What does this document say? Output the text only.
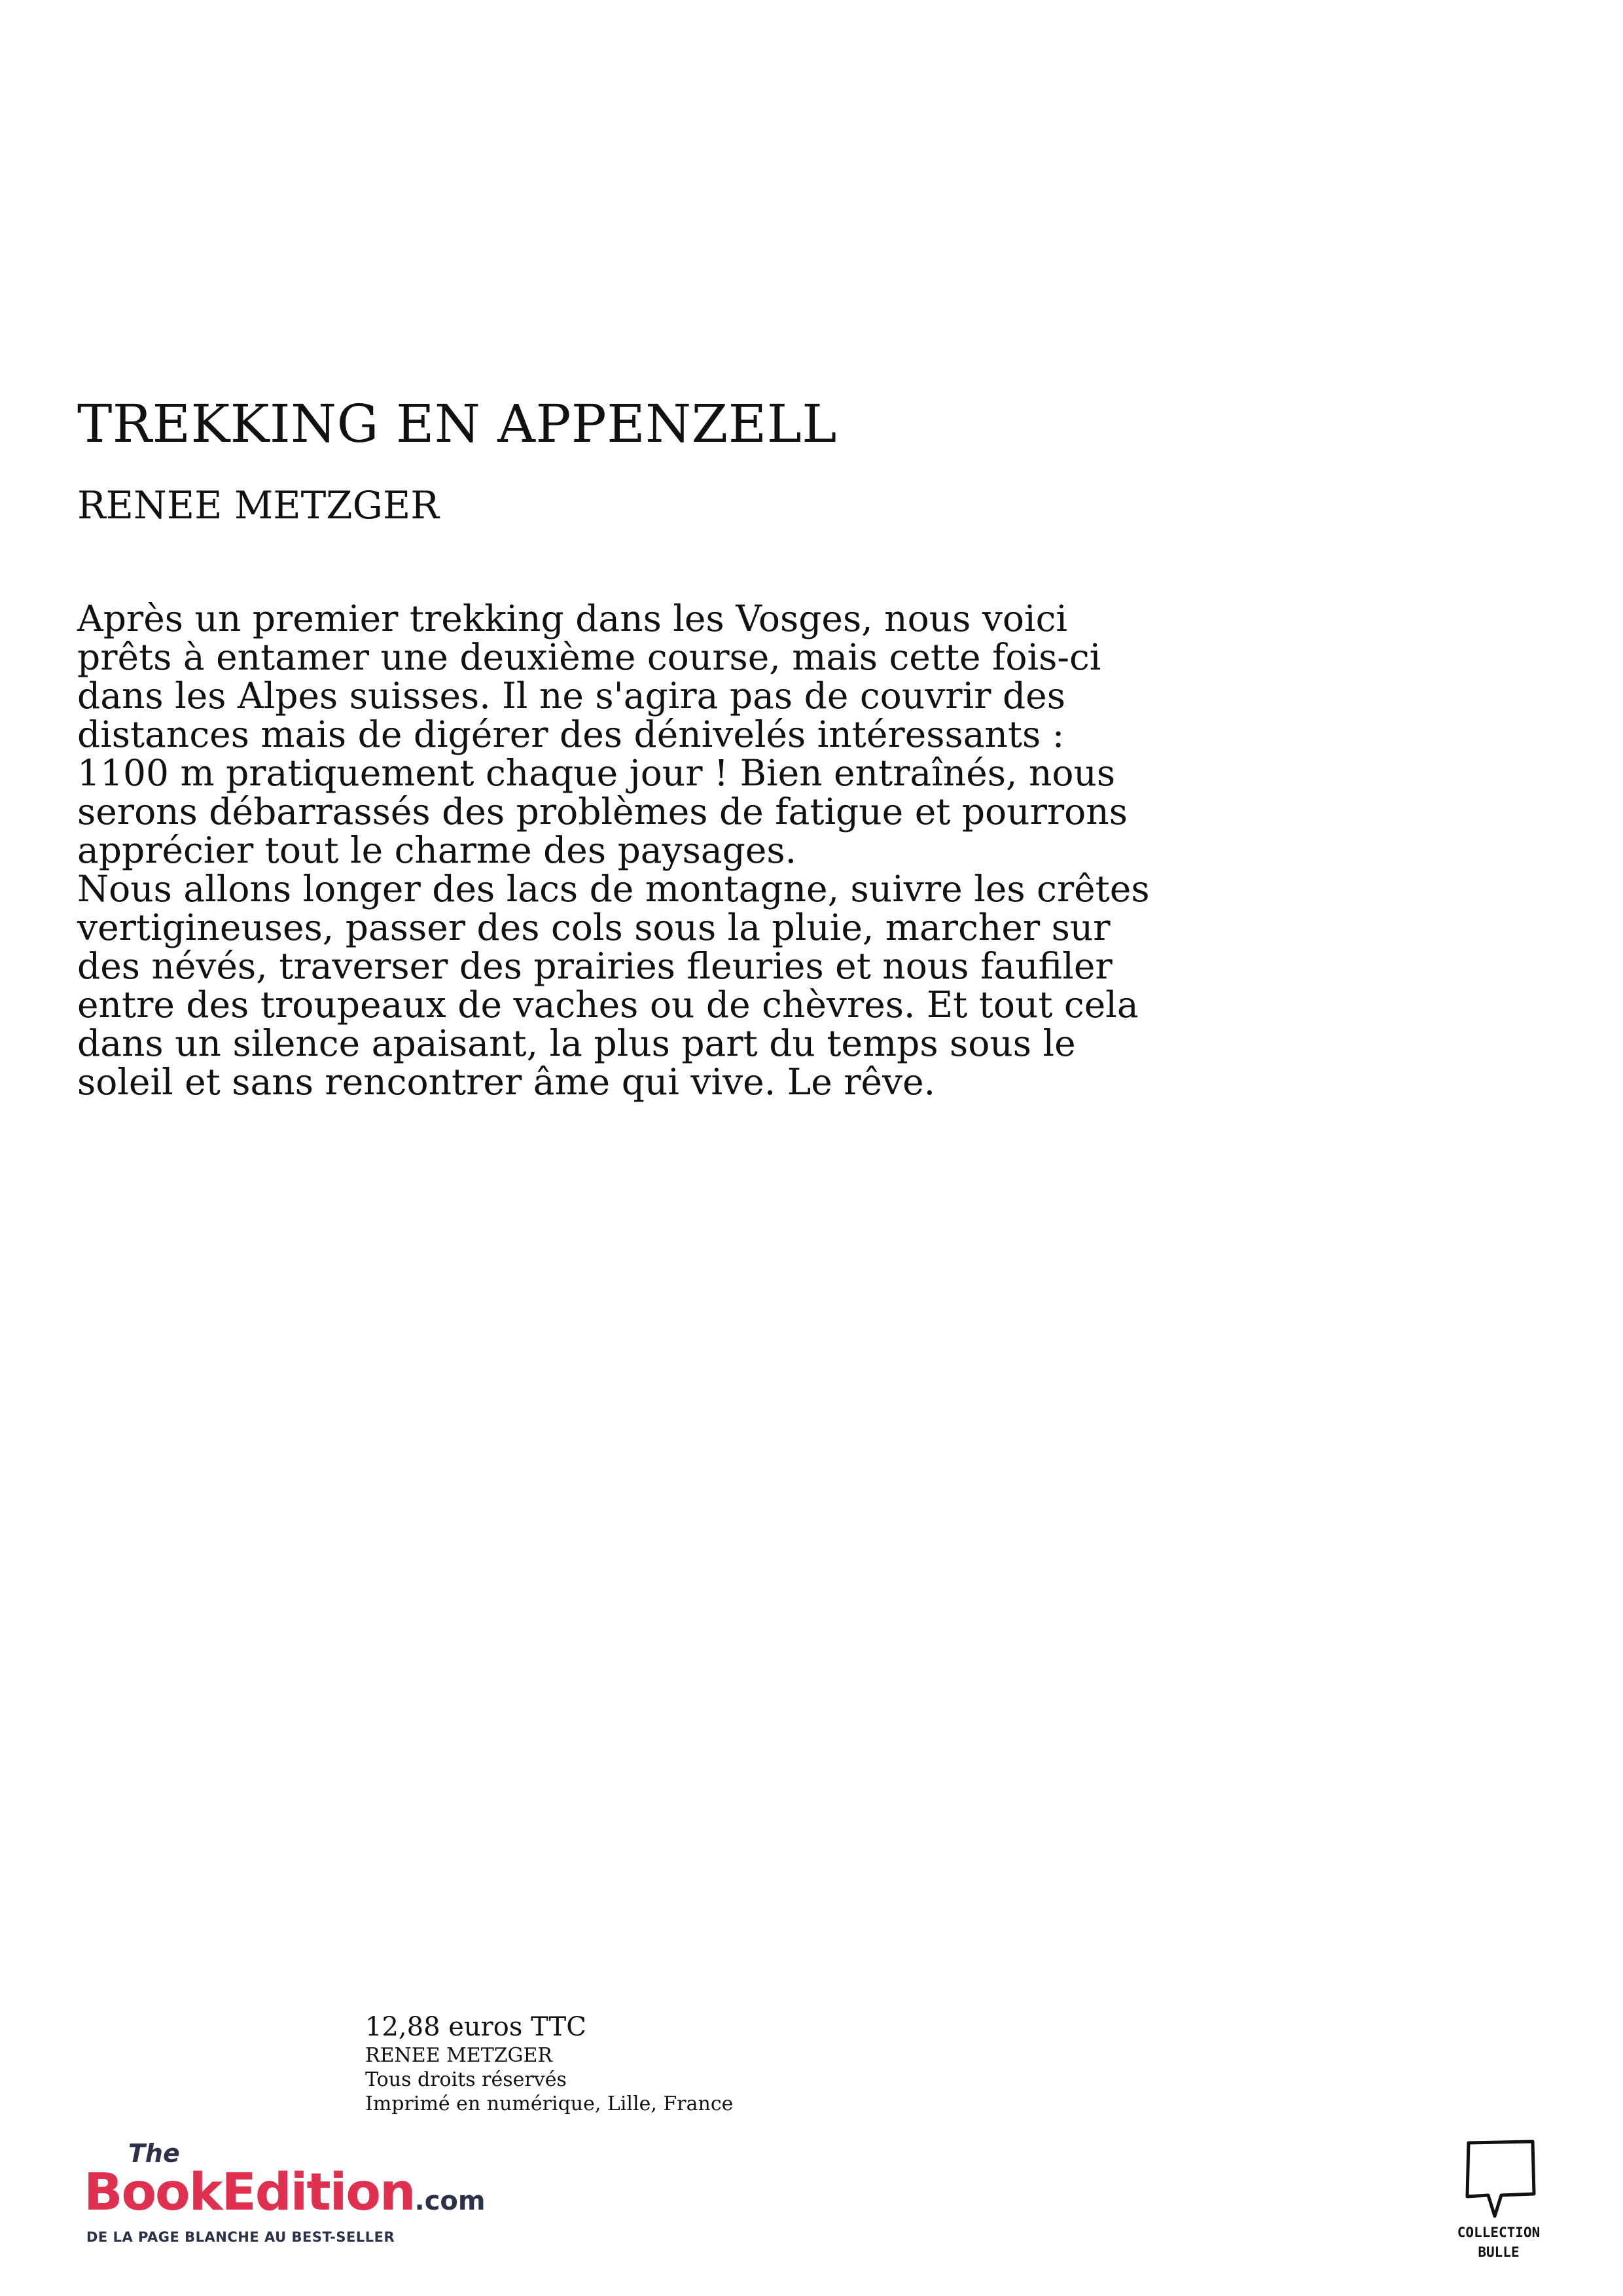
TREKKING EN APPENZELL

RENEE METZGER

Après un premier trekking dans les Vosges, nous voici
prêts à entamer une deuxième course, mais cette fois-ci
dans les Alpes suisses. Il ne s'agira pas de couvrir des
distances mais de digérer des dénivelés intéressants :
1100 m pratiquement chaque jour ! Bien entraînés, nous
serons débarrassés des problèmes de fatigue et pourrons
apprécier tout le charme des paysages.
Nous allons longer des lacs de montagne, suivre les crêtes
vertigineuses, passer des cols sous la pluie, marcher sur
des névés, traverser des prairies fleuries et nous faufiler
entre des troupeaux de vaches ou de chèvres. Et tout cela
dans un silence apaisant, la plus part du temps sous le
soleil et sans rencontrer âme qui vive. Le rêve.
12,88 euros TTC
RENEE METZGER
Tous droits réservés
Imprimé en numérique, Lille, France
The
BookEdition.com
DE LA PAGE BLANCHE AU BEST-SELLER	COLLECTION
BULLE
